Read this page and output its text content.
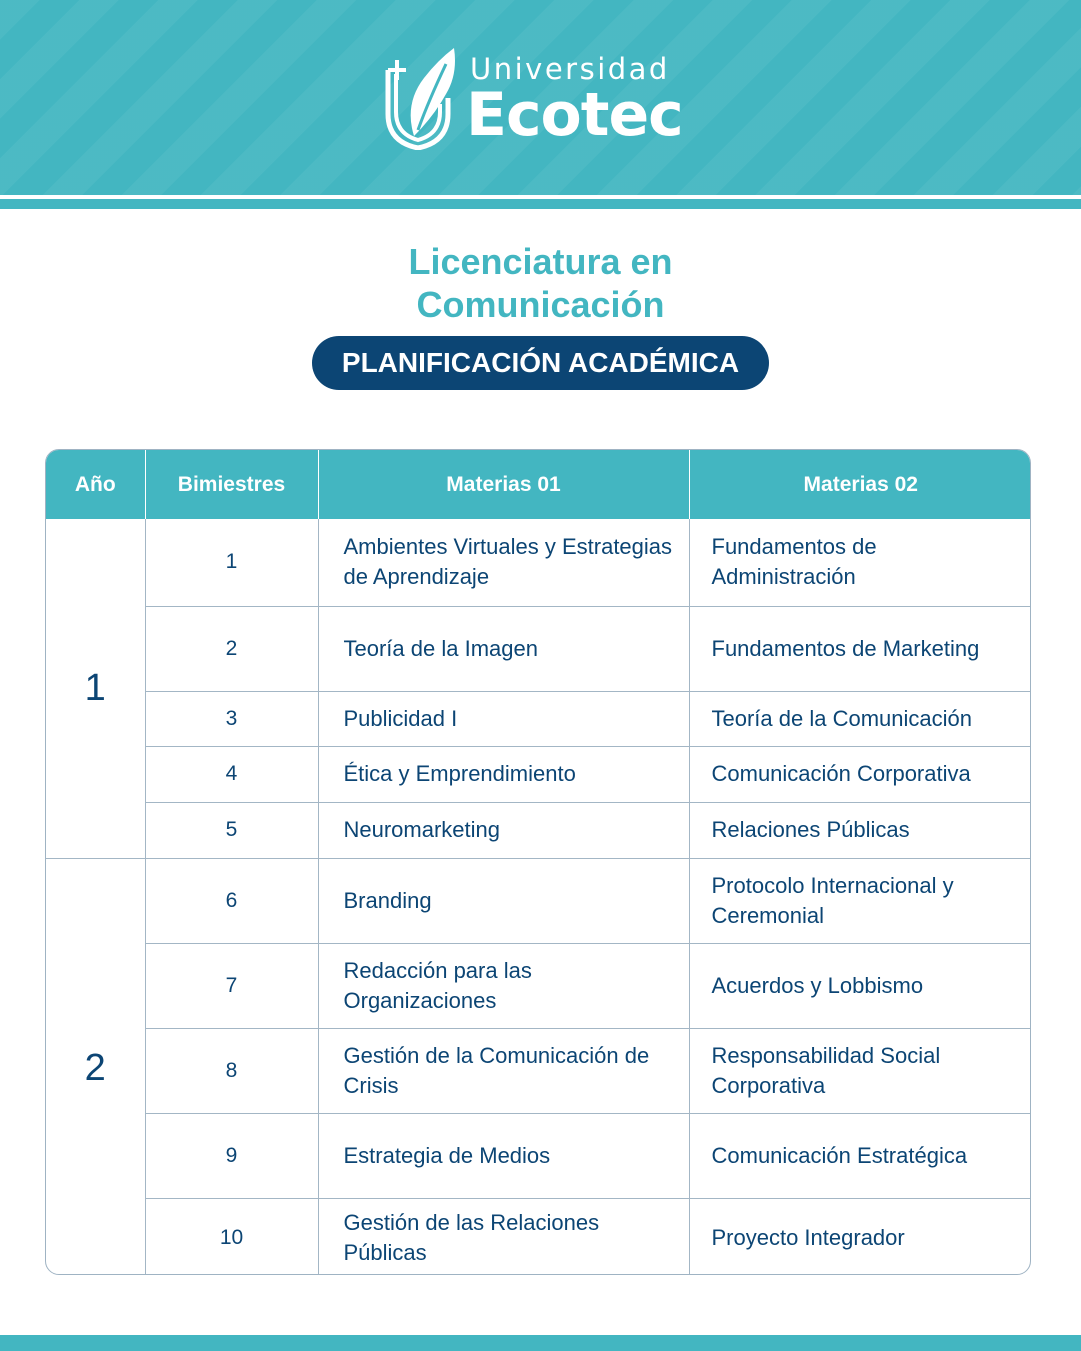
Universidad
Ecotec
Licenciatura en
Comunicación
PLANIFICACIÓN ACADÉMICA
Año	Bimiestres	Materias 01	Materias 02
1	1	Ambientes Virtuales y Estrategias de Aprendizaje	Fundamentos de Administración
	2	Teoría de la Imagen	Fundamentos de Marketing
	3	Publicidad I	Teoría de la Comunicación
	4	Ética y Emprendimiento	Comunicación Corporativa
	5	Neuromarketing	Relaciones Públicas
2	6	Branding	Protocolo Internacional y Ceremonial
	7	Redacción para las Organizaciones	Acuerdos y Lobbismo
	8	Gestión de la Comunicación de Crisis	Responsabilidad Social Corporativa
	9	Estrategia de Medios	Comunicación Estratégica
	10	Gestión de las Relaciones Públicas	Proyecto Integrador
